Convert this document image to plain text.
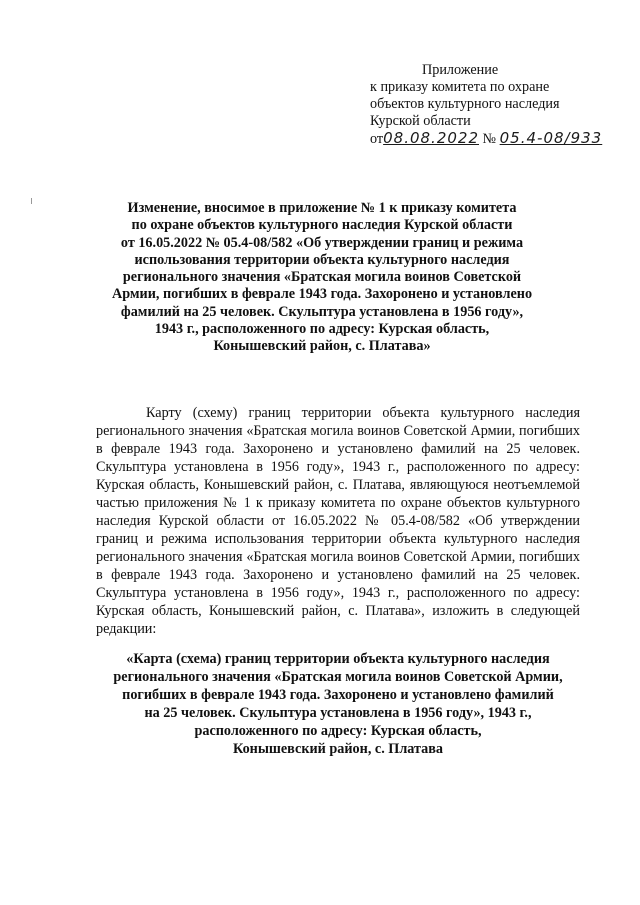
Приложение
к приказу комитета по охране
объектов культурного наследия
Курской области
от08.08.2022 № 05.4-08/933
Изменение, вносимое в приложение № 1 к приказу комитета
по охране объектов культурного наследия Курской области
от 16.05.2022 № 05.4-08/582 «Об утверждении границ и режима
использования территории объекта культурного наследия
регионального значения «Братская могила воинов Советской
Армии, погибших в феврале 1943 года. Захоронено и установлено
фамилий на 25 человек. Скульптура установлена в 1956 году»,
1943 г., расположенного по адресу: Курская область,
Конышевский район, с. Платава»

Карту (схему) границ территории объекта культурного наследия регионального значения «Братская могила воинов Советской Армии, погибших в феврале 1943 года. Захоронено и установлено фамилий на 25 человек. Скульптура установлена в 1956 году», 1943 г., расположенного по адресу: Курская область, Конышевский район, с. Платава, являющуюся неотъемлемой частью приложения № 1 к приказу комитета по охране объектов культурного наследия Курской области от 16.05.2022 № 05.4-08/582 «Об утверждении границ и режима использования территории объекта культурного наследия регионального значения «Братская могила воинов Советской Армии, погибших в феврале 1943 года. Захоронено и установлено фамилий на 25 человек. Скульптура установлена в 1956 году», 1943 г., расположенного по адресу: Курская область, Конышевский район, с. Платава», изложить в следующей редакции:

«Карта (схема) границ территории объекта культурного наследия
регионального значения «Братская могила воинов Советской Армии,
погибших в феврале 1943 года. Захоронено и установлено фамилий
на 25 человек. Скульптура установлена в 1956 году», 1943 г.,
расположенного по адресу: Курская область,
Конышевский район, с. Платава
